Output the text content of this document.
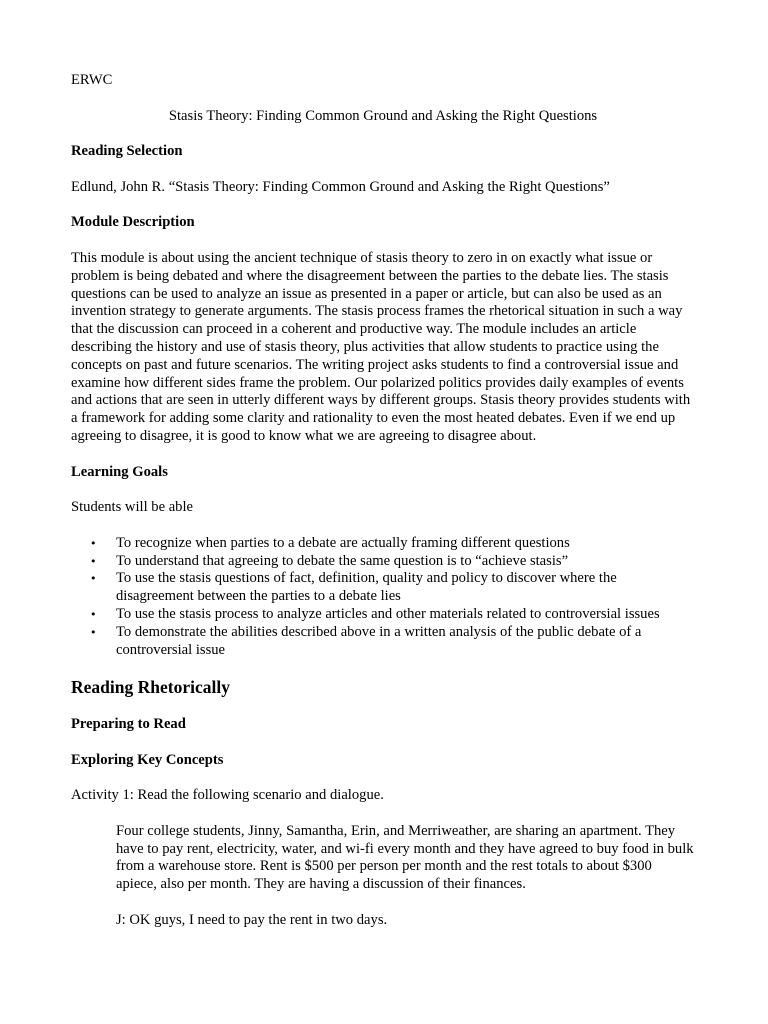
ERWC

Stasis Theory: Finding Common Ground and Asking the Right Questions

Reading Selection

Edlund, John R. “Stasis Theory: Finding Common Ground and Asking the Right Questions”

Module Description

This module is about using the ancient technique of stasis theory to zero in on exactly what issue or problem is being debated and where the disagreement between the parties to the debate lies. The stasis questions can be used to analyze an issue as presented in a paper or article, but can also be used as an invention strategy to generate arguments. The stasis process frames the rhetorical situation in such a way that the discussion can proceed in a coherent and productive way. The module includes an article describing the history and use of stasis theory, plus activities that allow students to practice using the concepts on past and future scenarios. The writing project asks students to find a controversial issue and examine how different sides frame the problem. Our polarized politics provides daily examples of events and actions that are seen in utterly different ways by different groups. Stasis theory provides students with a framework for adding some clarity and rationality to even the most heated debates. Even if we end up agreeing to disagree, it is good to know what we are agreeing to disagree about.

Learning Goals

Students will be able

• To recognize when parties to a debate are actually framing different questions
• To understand that agreeing to debate the same question is to “achieve stasis”
• To use the stasis questions of fact, definition, quality and policy to discover where the disagreement between the parties to a debate lies
• To use the stasis process to analyze articles and other materials related to controversial issues
• To demonstrate the abilities described above in a written analysis of the public debate of a controversial issue

Reading Rhetorically

Preparing to Read

Exploring Key Concepts

Activity 1: Read the following scenario and dialogue.

Four college students, Jinny, Samantha, Erin, and Merriweather, are sharing an apartment. They have to pay rent, electricity, water, and wi-fi every month and they have agreed to buy food in bulk from a warehouse store. Rent is $500 per person per month and the rest totals to about $300 apiece, also per month. They are having a discussion of their finances.

J: OK guys, I need to pay the rent in two days.
